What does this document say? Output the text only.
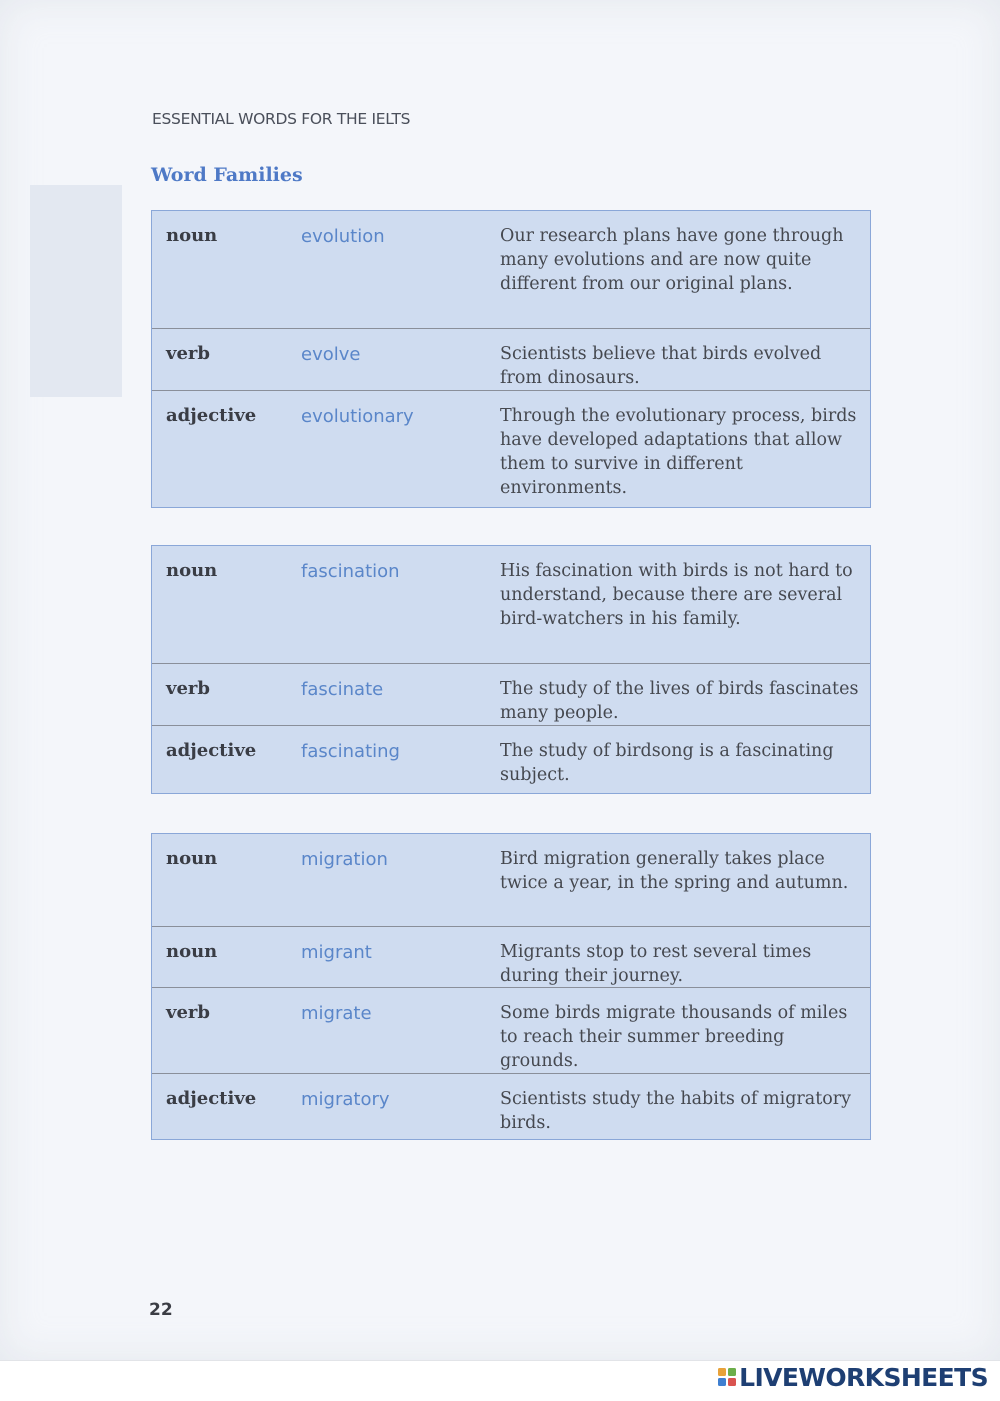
ESSENTIAL WORDS FOR THE IELTS
Word Families
noun	evolution	Our research plans have gone through many evolutions and are now quite different from our original plans.
verb	evolve	Scientists believe that birds evolved from dinosaurs.
adjective evolutionary	Through the evolutionary process, birds have developed adaptations that allow them to survive in different environments.
noun	fascination	His fascination with birds is not hard to understand, because there are several bird-watchers in his family.
verb	fascinate	The study of the lives of birds fascinates many people.
adjective fascinating	The study of birdsong is a fascinating subject.
noun	migration	Bird migration generally takes place twice a year, in the spring and autumn.
noun	migrant	Migrants stop to rest several times during their journey.
verb	migrate	Some birds migrate thousands of miles to reach their summer breeding grounds.
adjective migratory	Scientists study the habits of migratory birds.
22
LIVEWORKSHEETS
